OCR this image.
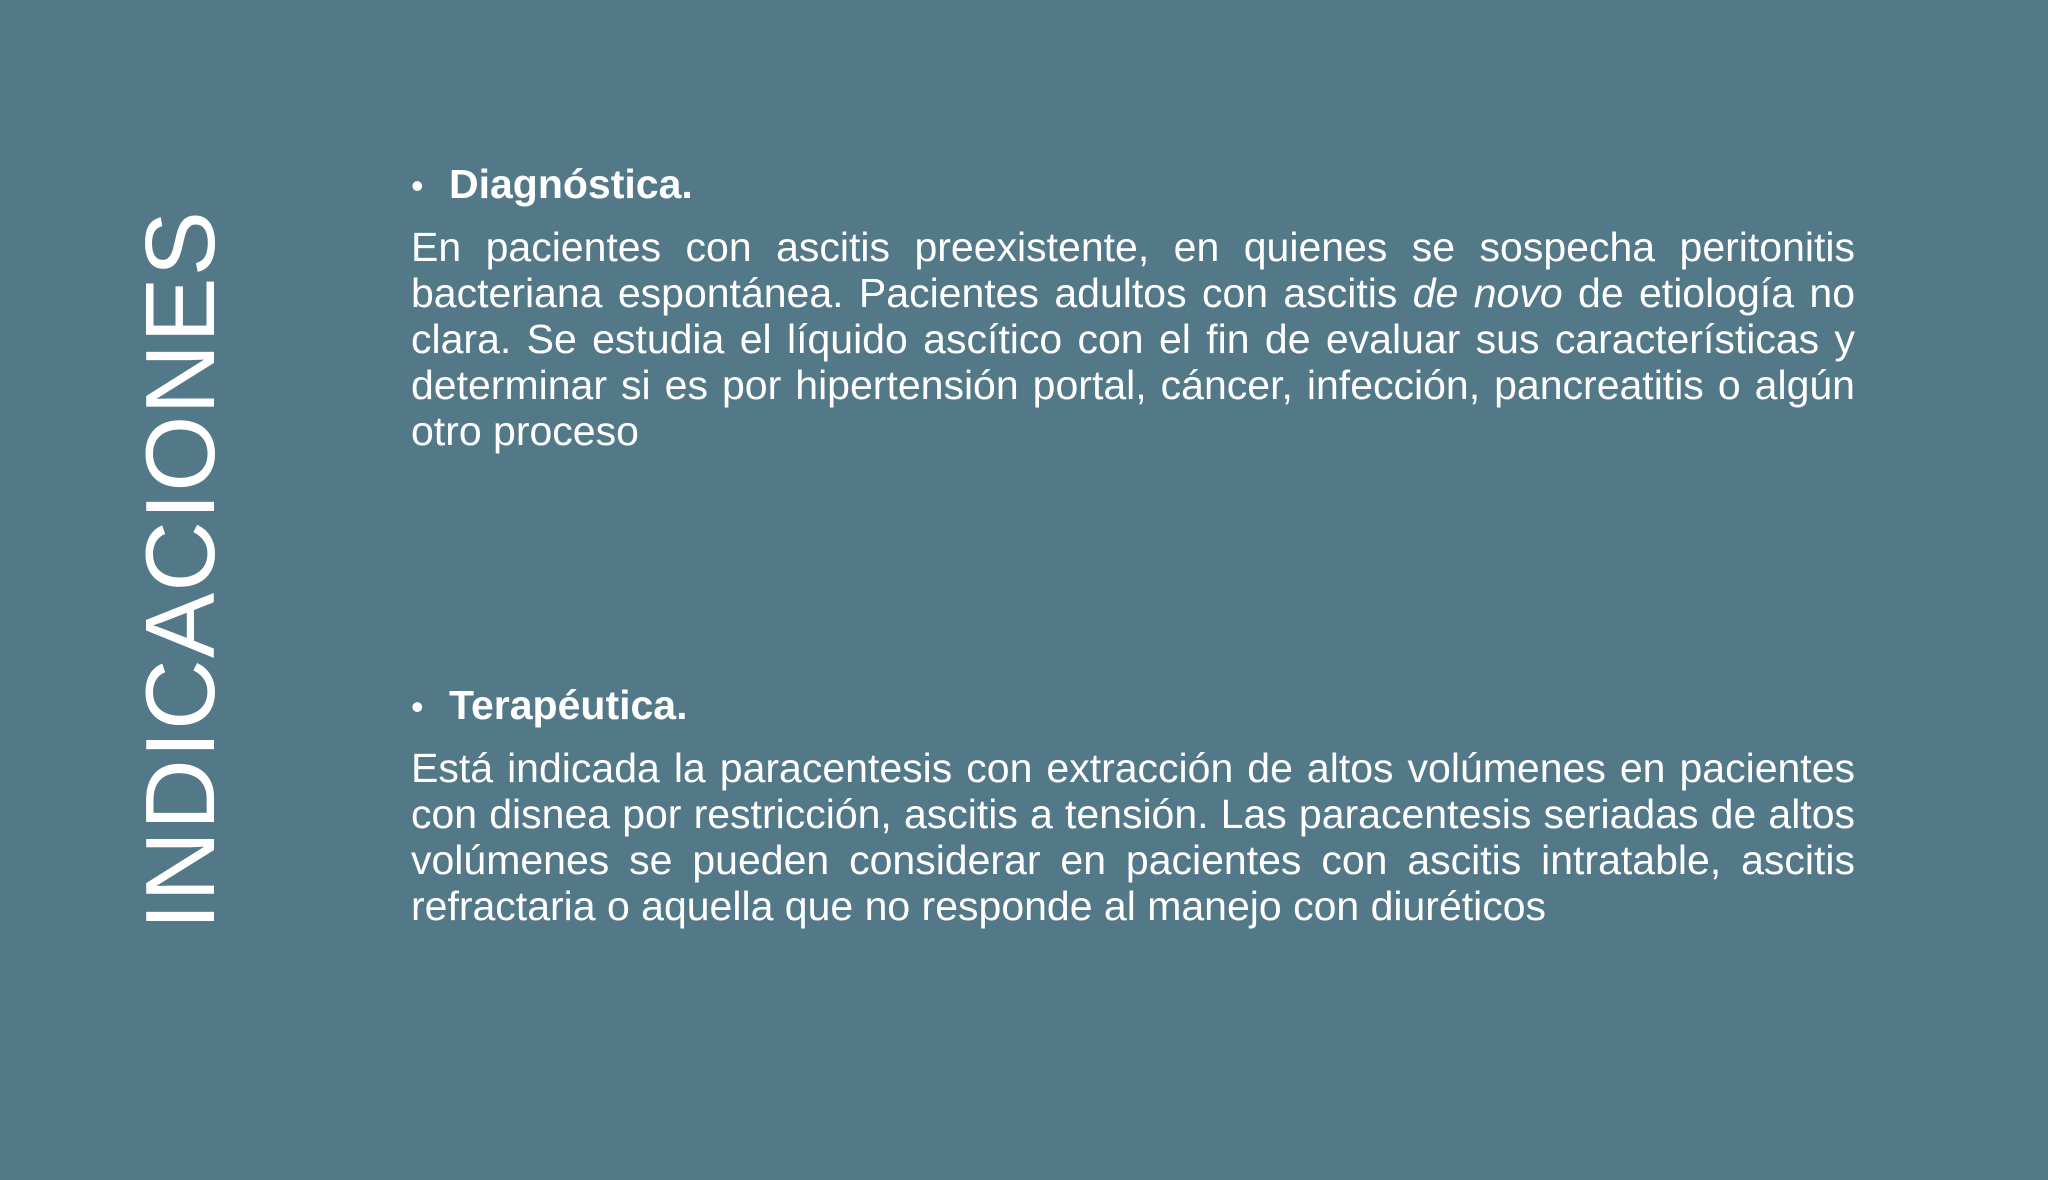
INDICACIONES
• Diagnóstica.

En pacientes con ascitis preexistente, en quienes se sospecha peritonitis bacteriana espontánea. Pacientes adultos con ascitis de novo de etiología no clara. Se estudia el líquido ascítico con el fin de evaluar sus características y determinar si es por hipertensión portal, cáncer, infección, pancreatitis o algún otro proceso

• Terapéutica.

Está indicada la paracentesis con extracción de altos volúmenes en pacientes con disnea por restricción, ascitis a tensión. Las paracentesis seriadas de altos volúmenes se pueden considerar en pacientes con ascitis intratable, ascitis refractaria o aquella que no responde al manejo con diuréticos
